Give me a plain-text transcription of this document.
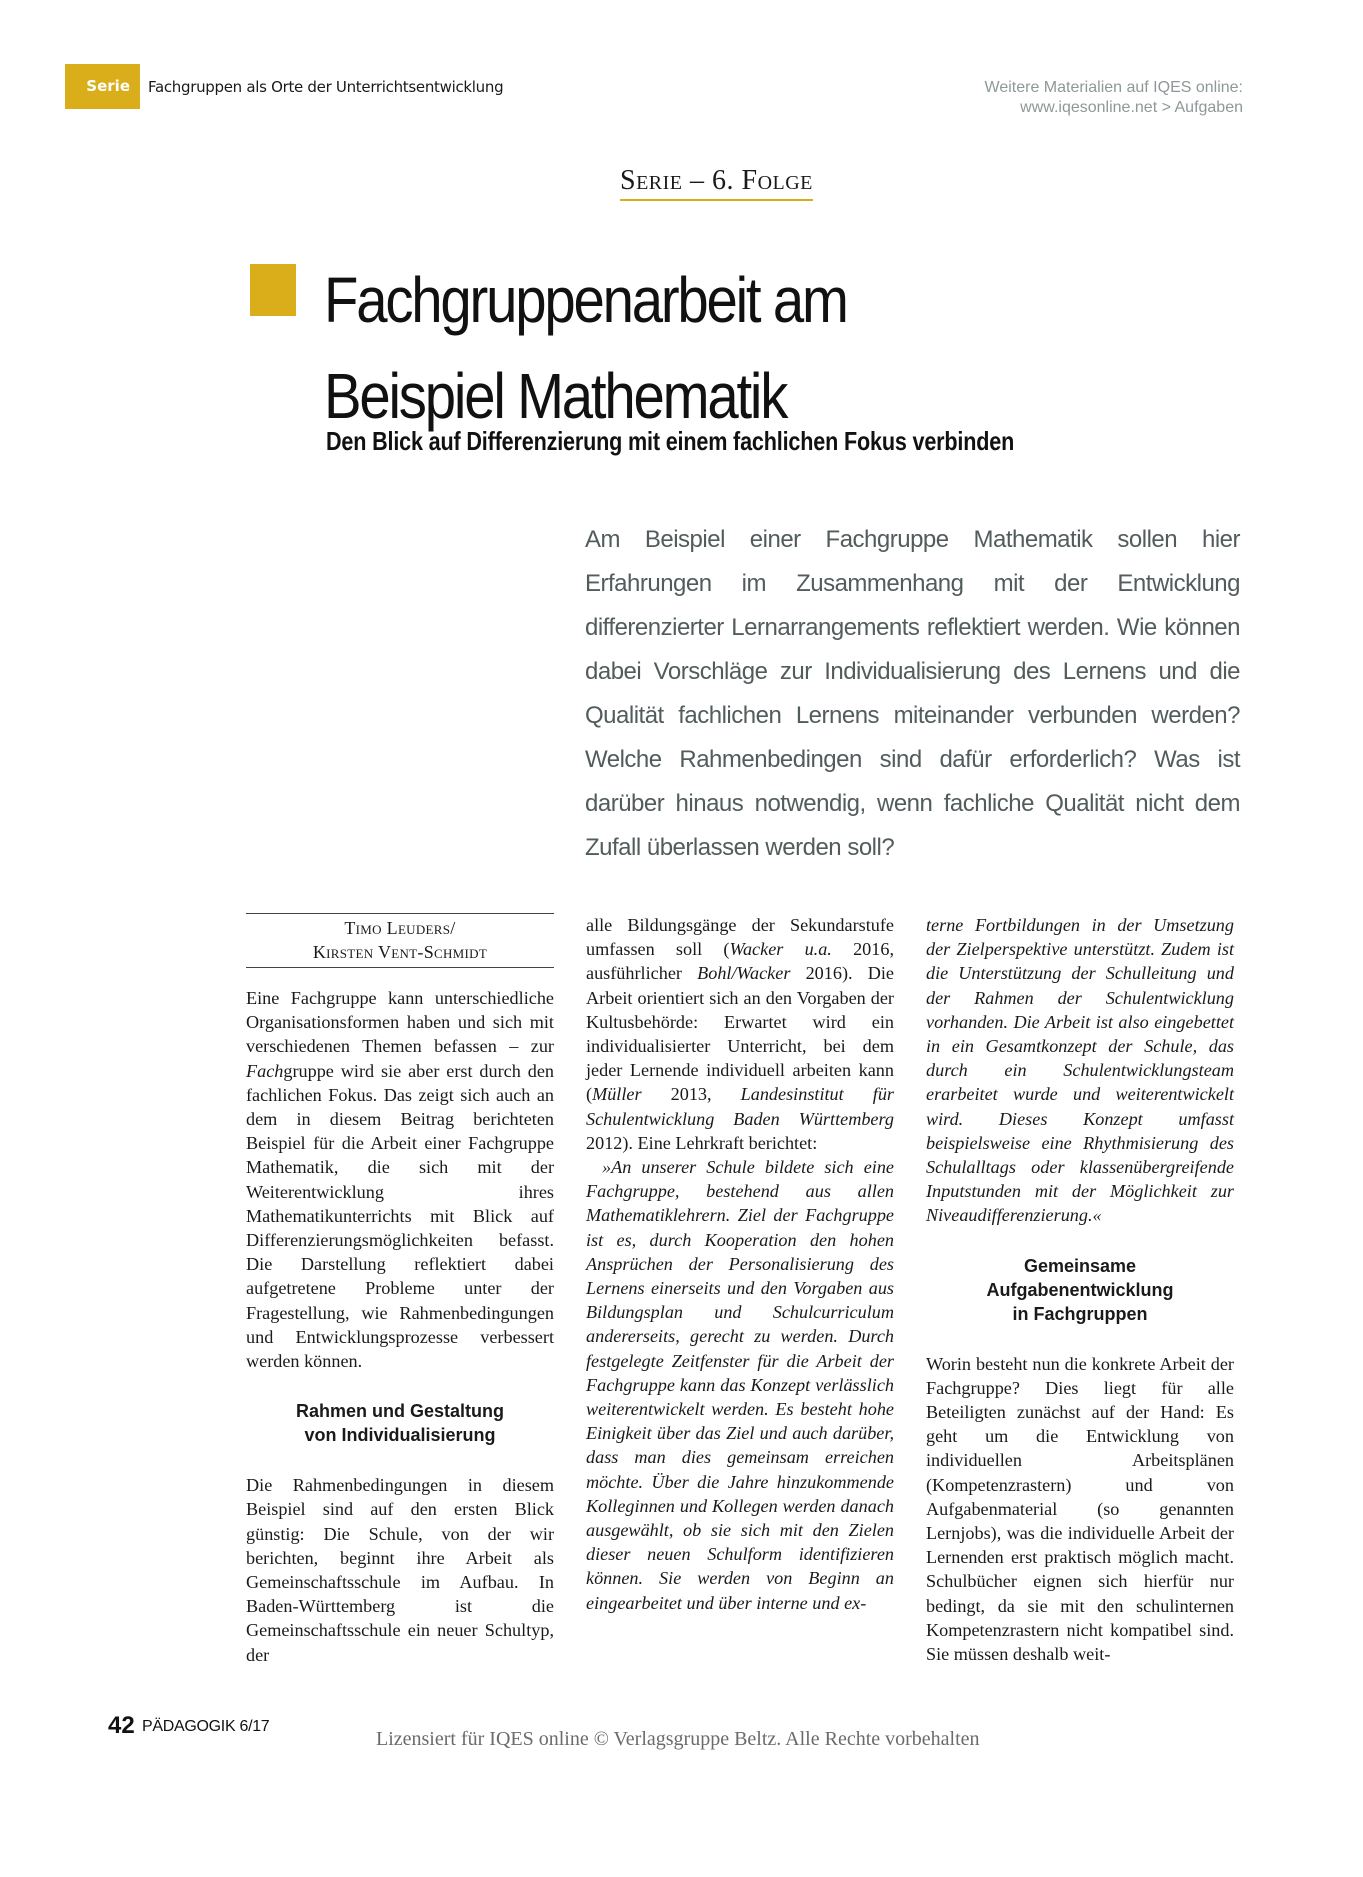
Serie	Fachgruppen als Orte der Unterrichtsentwicklung	Weitere Materialien auf IQES online:
www.iqesonline.net > Aufgaben
Serie – 6. Folge
Fachgruppenarbeit am
Beispiel Mathematik
Den Blick auf Differenzierung mit einem fachlichen Fokus verbinden
Am Beispiel einer Fachgruppe Mathematik sollen hier Erfahrungen im Zusammenhang mit der Entwicklung differenzierter Lernarrangements reflektiert werden. Wie können dabei Vorschläge zur Individualisierung des Lernens und die Qualität fachlichen Lernens miteinander verbunden werden? Welche Rahmenbedingen sind dafür erforderlich? Was ist darüber hinaus notwendig, wenn fachliche Qualität nicht dem Zufall überlassen werden soll?
Timo Leuders/
Kirsten Vent-Schmidt

Eine Fachgruppe kann unterschiedliche Organisationsformen haben und sich mit verschiedenen Themen befassen – zur Fachgruppe wird sie aber erst durch den fachlichen Fokus. Das zeigt sich auch an dem in diesem Beitrag berichteten Beispiel für die Arbeit einer Fachgruppe Mathematik, die sich mit der Weiterentwicklung ihres Mathematikunterrichts mit Blick auf Differenzierungsmöglichkeiten befasst. Die Darstellung reflektiert dabei aufgetretene Probleme unter der Fragestellung, wie Rahmenbedingungen und Entwicklungsprozesse verbessert werden können.

Rahmen und Gestaltung
von Individualisierung

Die Rahmenbedingungen in diesem Beispiel sind auf den ersten Blick günstig: Die Schule, von der wir berichten, beginnt ihre Arbeit als Gemeinschaftsschule im Aufbau. In Baden-Württemberg ist die Gemeinschaftsschule ein neuer Schultyp, der

alle Bildungsgänge der Sekundarstufe umfassen soll (Wacker u.a. 2016, ausführlicher Bohl/Wacker 2016). Die Arbeit orientiert sich an den Vorgaben der Kultusbehörde: Erwartet wird ein individualisierter Unterricht, bei dem jeder Lernende individuell arbeiten kann (Müller 2013, Landesinstitut für Schulentwicklung Baden Württemberg 2012). Eine Lehrkraft berichtet:

»An unserer Schule bildete sich eine Fachgruppe, bestehend aus allen Mathematiklehrern. Ziel der Fachgruppe ist es, durch Kooperation den hohen Ansprüchen der Personalisierung des Lernens einerseits und den Vorgaben aus Bildungsplan und Schulcurriculum andererseits, gerecht zu werden. Durch festgelegte Zeitfenster für die Arbeit der Fachgruppe kann das Konzept verlässlich weiterentwickelt werden. Es besteht hohe Einigkeit über das Ziel und auch darüber, dass man dies gemeinsam erreichen möchte. Über die Jahre hinzukommende Kolleginnen und Kollegen werden danach ausgewählt, ob sie sich mit den Zielen dieser neuen Schulform identifizieren können. Sie werden von Beginn an eingearbeitet und über interne und ex-

terne Fortbildungen in der Umsetzung der Zielperspektive unterstützt. Zudem ist die Unterstützung der Schulleitung und der Rahmen der Schulentwicklung vorhanden. Die Arbeit ist also eingebettet in ein Gesamtkonzept der Schule, das durch ein Schulentwicklungsteam erarbeitet wurde und weiterentwickelt wird. Dieses Konzept umfasst beispielsweise eine Rhythmisierung des Schulalltags oder klassenübergreifende Inputstunden mit der Möglichkeit zur Niveaudifferenzierung.«

Gemeinsame
Aufgabenentwicklung
in Fachgruppen

Worin besteht nun die konkrete Arbeit der Fachgruppe? Dies liegt für alle Beteiligten zunächst auf der Hand: Es geht um die Entwicklung von individuellen Arbeitsplänen (Kompetenzrastern) und von Aufgabenmaterial (so genannten Lernjobs), was die individuelle Arbeit der Lernenden erst praktisch möglich macht. Schulbücher eignen sich hierfür nur bedingt, da sie mit den schulinternen Kompetenzrastern nicht kompatibel sind. Sie müssen deshalb weit-

42 PÄDAGOGIK 6/17
Lizensiert für IQES online © Verlagsgruppe Beltz. Alle Rechte vorbehalten
